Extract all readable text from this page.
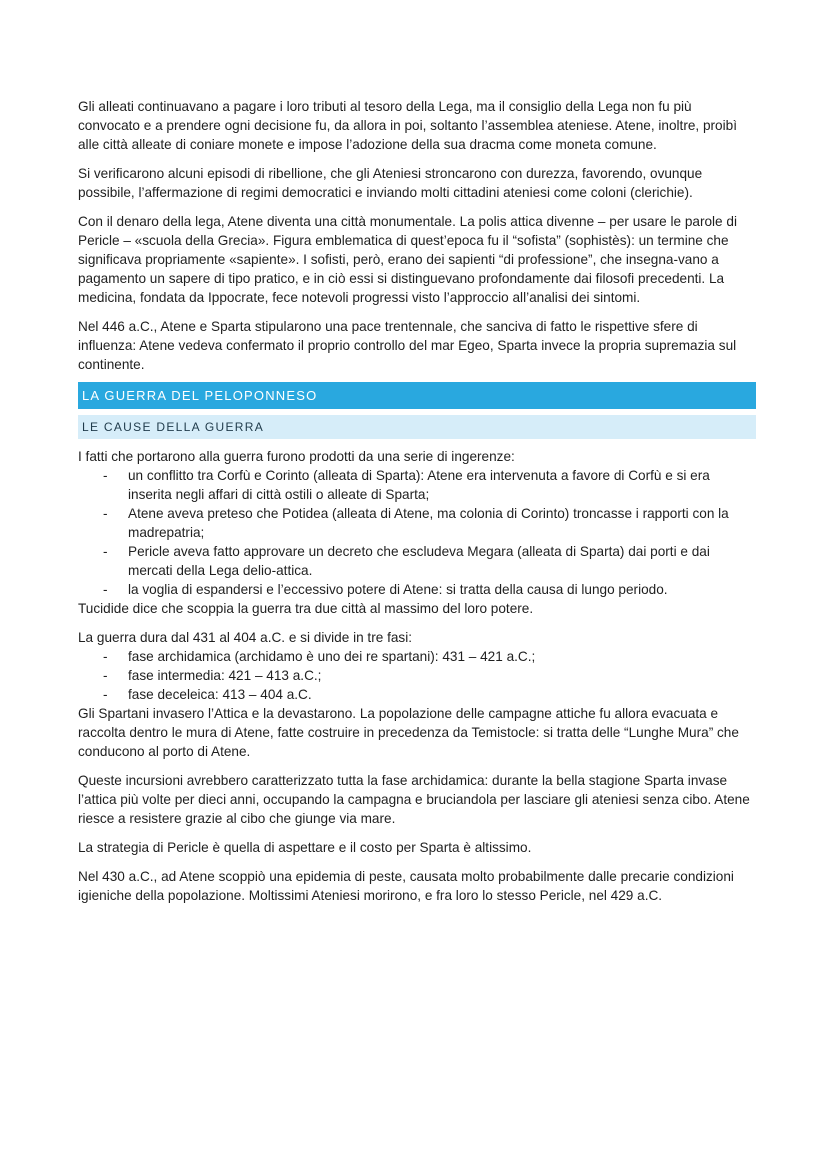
Gli alleati continuavano a pagare i loro tributi al tesoro della Lega, ma il consiglio della Lega non fu più convocato e a prendere ogni decisione fu, da allora in poi, soltanto l’assemblea ateniese. Atene, inoltre, proibì alle città alleate di coniare monete e impose l’adozione della sua dracma come moneta comune.

Si verificarono alcuni episodi di ribellione, che gli Ateniesi stroncarono con durezza, favorendo, ovunque possibile, l’affermazione di regimi democratici e inviando molti cittadini ateniesi come coloni (clerichie).

Con il denaro della lega, Atene diventa una città monumentale. La polis attica divenne – per usare le parole di Pericle – «scuola della Grecia». Figura emblematica di quest’epoca fu il “sofista” (sophistès): un termine che significava propriamente «sapiente». I sofisti, però, erano dei sapienti “di professione”, che insegna-vano a pagamento un sapere di tipo pratico, e in ciò essi si distinguevano profondamente dai filosofi precedenti. La medicina, fondata da Ippocrate, fece notevoli progressi visto l’approccio all’analisi dei sintomi.

Nel 446 a.C., Atene e Sparta stipularono una pace trentennale, che sanciva di fatto le rispettive sfere di influenza: Atene vedeva confermato il proprio controllo del mar Egeo, Sparta invece la propria supremazia sul continente.

LA GUERRA DEL PELOPONNESO
LE CAUSE DELLA GUERRA

I fatti che portarono alla guerra furono prodotti da una serie di ingerenze:

-	un conflitto tra Corfù e Corinto (alleata di Sparta): Atene era intervenuta a favore di Corfù e si era inserita negli affari di città ostili o alleate di Sparta;
-	Atene aveva preteso che Potidea (alleata di Atene, ma colonia di Corinto) troncasse i rapporti con la madrepatria;
-	Pericle aveva fatto approvare un decreto che escludeva Megara (alleata di Sparta) dai porti e dai mercati della Lega delio-attica.
-	la voglia di espandersi e l’eccessivo potere di Atene: si tratta della causa di lungo periodo.

Tucidide dice che scoppia la guerra tra due città al massimo del loro potere.

La guerra dura dal 431 al 404 a.C. e si divide in tre fasi:

-	fase archidamica (archidamo è uno dei re spartani): 431 – 421 a.C.;
-	fase intermedia: 421 – 413 a.C.;
-	fase deceleica: 413 – 404 a.C.

Gli Spartani invasero l’Attica e la devastarono. La popolazione delle campagne attiche fu allora evacuata e raccolta dentro le mura di Atene, fatte costruire in precedenza da Temistocle: si tratta delle “Lunghe Mura” che conducono al porto di Atene.

Queste incursioni avrebbero caratterizzato tutta la fase archidamica: durante la bella stagione Sparta invase l’attica più volte per dieci anni, occupando la campagna e bruciandola per lasciare gli ateniesi senza cibo. Atene riesce a resistere grazie al cibo che giunge via mare.

La strategia di Pericle è quella di aspettare e il costo per Sparta è altissimo.

Nel 430 a.C., ad Atene scoppiò una epidemia di peste, causata molto probabilmente dalle precarie condizioni igieniche della popolazione. Moltissimi Ateniesi morirono, e fra loro lo stesso Pericle, nel 429 a.C.
